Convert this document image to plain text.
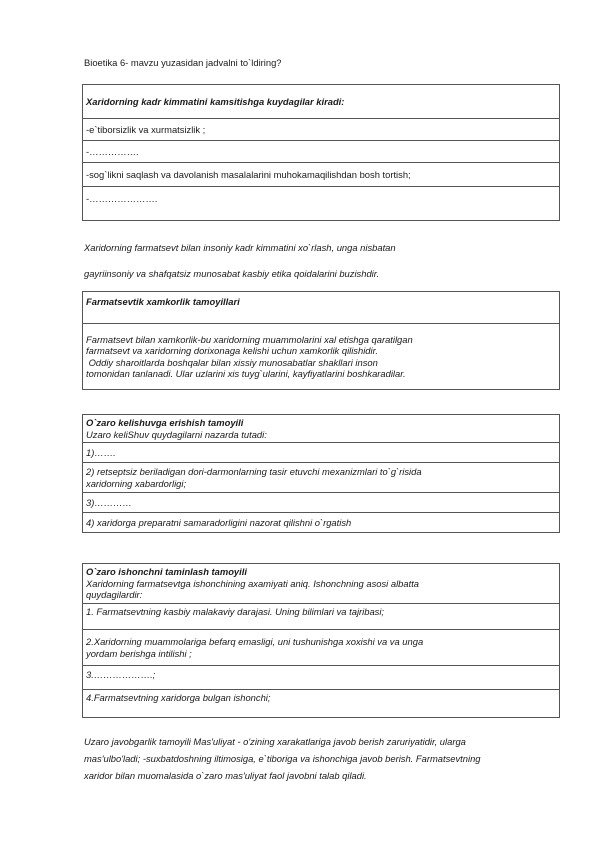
Bioetika 6- mavzu yuzasidan jadvalni to`ldiring?
Xaridorning kadr kimmatini kamsitishga kuydagilar kiradi:
-e`tiborsizlik va xurmatsizlik ;
-…………….
-sog`likni saqlash va davolanish masalalarini muhokamaqilishdan bosh tortish;
-………………….
Xaridorning farmatsevt bilan insoniy kadr kimmatini xo`rlash, unga nisbatan
gayriinsoniy va shafqatsiz munosabat kasbiy etika qoidalarini buzishdir.
Farmatsevtik xamkorlik tamoyillari

Farmatsevt bilan xamkorlik-bu xaridorning muammolarini xal etishga qaratilgan
farmatsevt va xaridorning dorixonaga kelishi uchun xamkorlik qilishidir.
Oddiy sharoitlarda boshqalar bilan xissiy munosabatlar shakllari inson
tomonidan tanlanadi. Ular uzlarini xis tuyg`ularini, kayfiyatlarini boshkaradilar.
O`zaro kelishuvga erishish tamoyili
Uzaro keliShuv quydagilarni nazarda tutadi:

1)…….

2) retseptsiz beriladigan dori-darmonlarning tasir etuvchi mexanizmlari to`g`risida
xaridorning xabardorligi;

3)…………
4) xaridorga preparatni samaradorligini nazorat qilishni o`rgatish
O`zaro ishonchni taminlash tamoyili
Xaridorning farmatsevtga ishonchining axamiyati aniq. Ishonchning asosi albatta
quydagilardir:

1. Farmatsevtning kasbiy malakaviy darajasi. Uning bilimlari va tajribasi;

2.Xaridorning muammolariga befarq emasligi, uni tushunishga xoxishi va va unga
yordam berishga intilishi ;

3.……………….;
4.Farmatsevtning xaridorga bulgan ishonchi;
Uzaro javobgarlik tamoyili Mas'uliyat - o'zining xarakatlariga javob berish zaruriyatidir, ularga
mas'ulbo'ladi; -suxbatdoshning iltimosiga, e`tiboriga va ishonchiga javob berish. Farmatsevtning
xaridor bilan muomalasida o`zaro mas'uliyat faol javobni talab qiladi.
